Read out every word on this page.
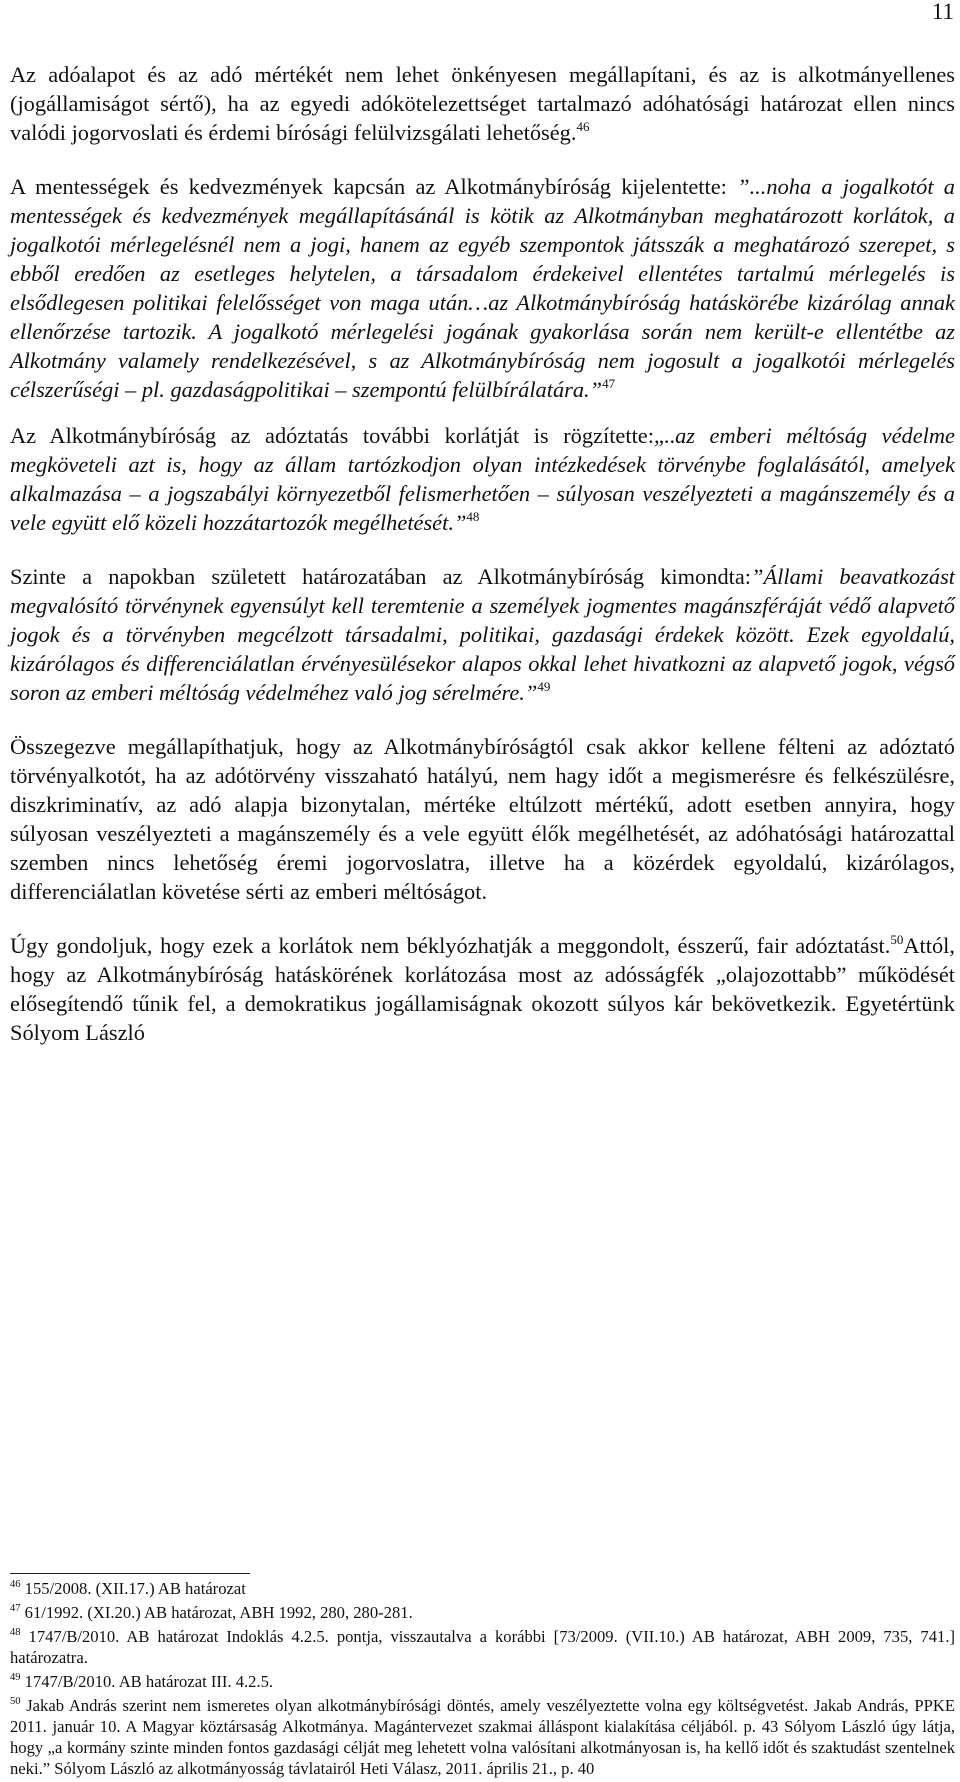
11

Az adóalapot és az adó mértékét nem lehet önkényesen megállapítani, és az is alkotmányellenes (jogállamiságot sértő), ha az egyedi adókötelezettséget tartalmazó adóhatósági határozat ellen nincs valódi jogorvoslati és érdemi bírósági felülvizsgálati lehetőség.$^{46}$

A mentességek és kedvezmények kapcsán az Alkotmánybíróság kijelentette: ”...noha a jogalkotót a mentességek és kedvezmények megállapításánál is kötik az Alkotmányban meghatározott korlátok, a jogalkotói mérlegelésnél nem a jogi, hanem az egyéb szempontok játsszák a meghatározó szerepet, s ebből eredően az esetleges helytelen, a társadalom érdekeivel ellentétes tartalmú mérlegelés is elsődlegesen politikai felelősséget von maga után…az Alkotmánybíróság hatáskörébe kizárólag annak ellenőrzése tartozik. A jogalkotó mérlegelési jogának gyakorlása során nem került-e ellentétbe az Alkotmány valamely rendelkezésével, s az Alkotmánybíróság nem jogosult a jogalkotói mérlegelés célszerűségi – pl. gazdaságpolitikai – szempontú felülbírálatára.”$^{47}$

Az Alkotmánybíróság az adóztatás további korlátját is rögzítette:„..az emberi méltóság védelme megköveteli azt is, hogy az állam tartózkodjon olyan intézkedések törvénybe foglalásától, amelyek alkalmazása – a jogszabályi környezetből felismerhetően – súlyosan veszélyezteti a magánszemély és a vele együtt elő közeli hozzátartozók megélhetését.”$^{48}$

Szinte a napokban született határozatában az Alkotmánybíróság kimondta:”Állami beavatkozást megvalósító törvénynek egyensúlyt kell teremtenie a személyek jogmentes magánszféráját védő alapvető jogok és a törvényben megcélzott társadalmi, politikai, gazdasági érdekek között. Ezek egyoldalú, kizárólagos és differenciálatlan érvényesülésekor alapos okkal lehet hivatkozni az alapvető jogok, végső soron az emberi méltóság védelméhez való jog sérelmére.”$^{49}$

Összegezve megállapíthatjuk, hogy az Alkotmánybíróságtól csak akkor kellene félteni az adóztató törvényalkotót, ha az adótörvény visszaható hatályú, nem hagy időt a megismerésre és felkészülésre, diszkriminatív, az adó alapja bizonytalan, mértéke eltúlzott mértékű, adott esetben annyira, hogy súlyosan veszélyezteti a magánszemély és a vele együtt élők megélhetését, az adóhatósági határozattal szemben nincs lehetőség éremi jogorvoslatra, illetve ha a közérdek egyoldalú, kizárólagos, differenciálatlan követése sérti az emberi méltóságot.

Úgy gondoljuk, hogy ezek a korlátok nem béklyózhatják a meggondolt, ésszerű, fair adóztatást.$^{50}$Attól, hogy az Alkotmánybíróság hatáskörének korlátozása most az adósságfék „olajozottabb” működését elősegítendő tűnik fel, a demokratikus jogállamiságnak okozott súlyos kár bekövetkezik. Egyetértünk Sólyom László

$^{46}$ 155/2008. (XII.17.) AB határozat
$^{47}$ 61/1992. (XI.20.) AB határozat, ABH 1992, 280, 280-281.
$^{48}$ 1747/B/2010. AB határozat Indoklás 4.2.5. pontja, visszautalva a korábbi [73/2009. (VII.10.) AB határozat, ABH 2009, 735, 741.] határozatra.
$^{49}$ 1747/B/2010. AB határozat III. 4.2.5.
$^{50}$ Jakab András szerint nem ismeretes olyan alkotmánybírósági döntés, amely veszélyeztette volna egy költségvetést. Jakab András, PPKE 2011. január 10. A Magyar köztársaság Alkotmánya. Magántervezet szakmai álláspont kialakítása céljából. p. 43 Sólyom László úgy látja, hogy „a kormány szinte minden fontos gazdasági célját meg lehetett volna valósítani alkotmányosan is, ha kellő időt és szaktudást szentelnek neki.” Sólyom László az alkotmányosság távlatairól Heti Válasz, 2011. április 21., p. 40
